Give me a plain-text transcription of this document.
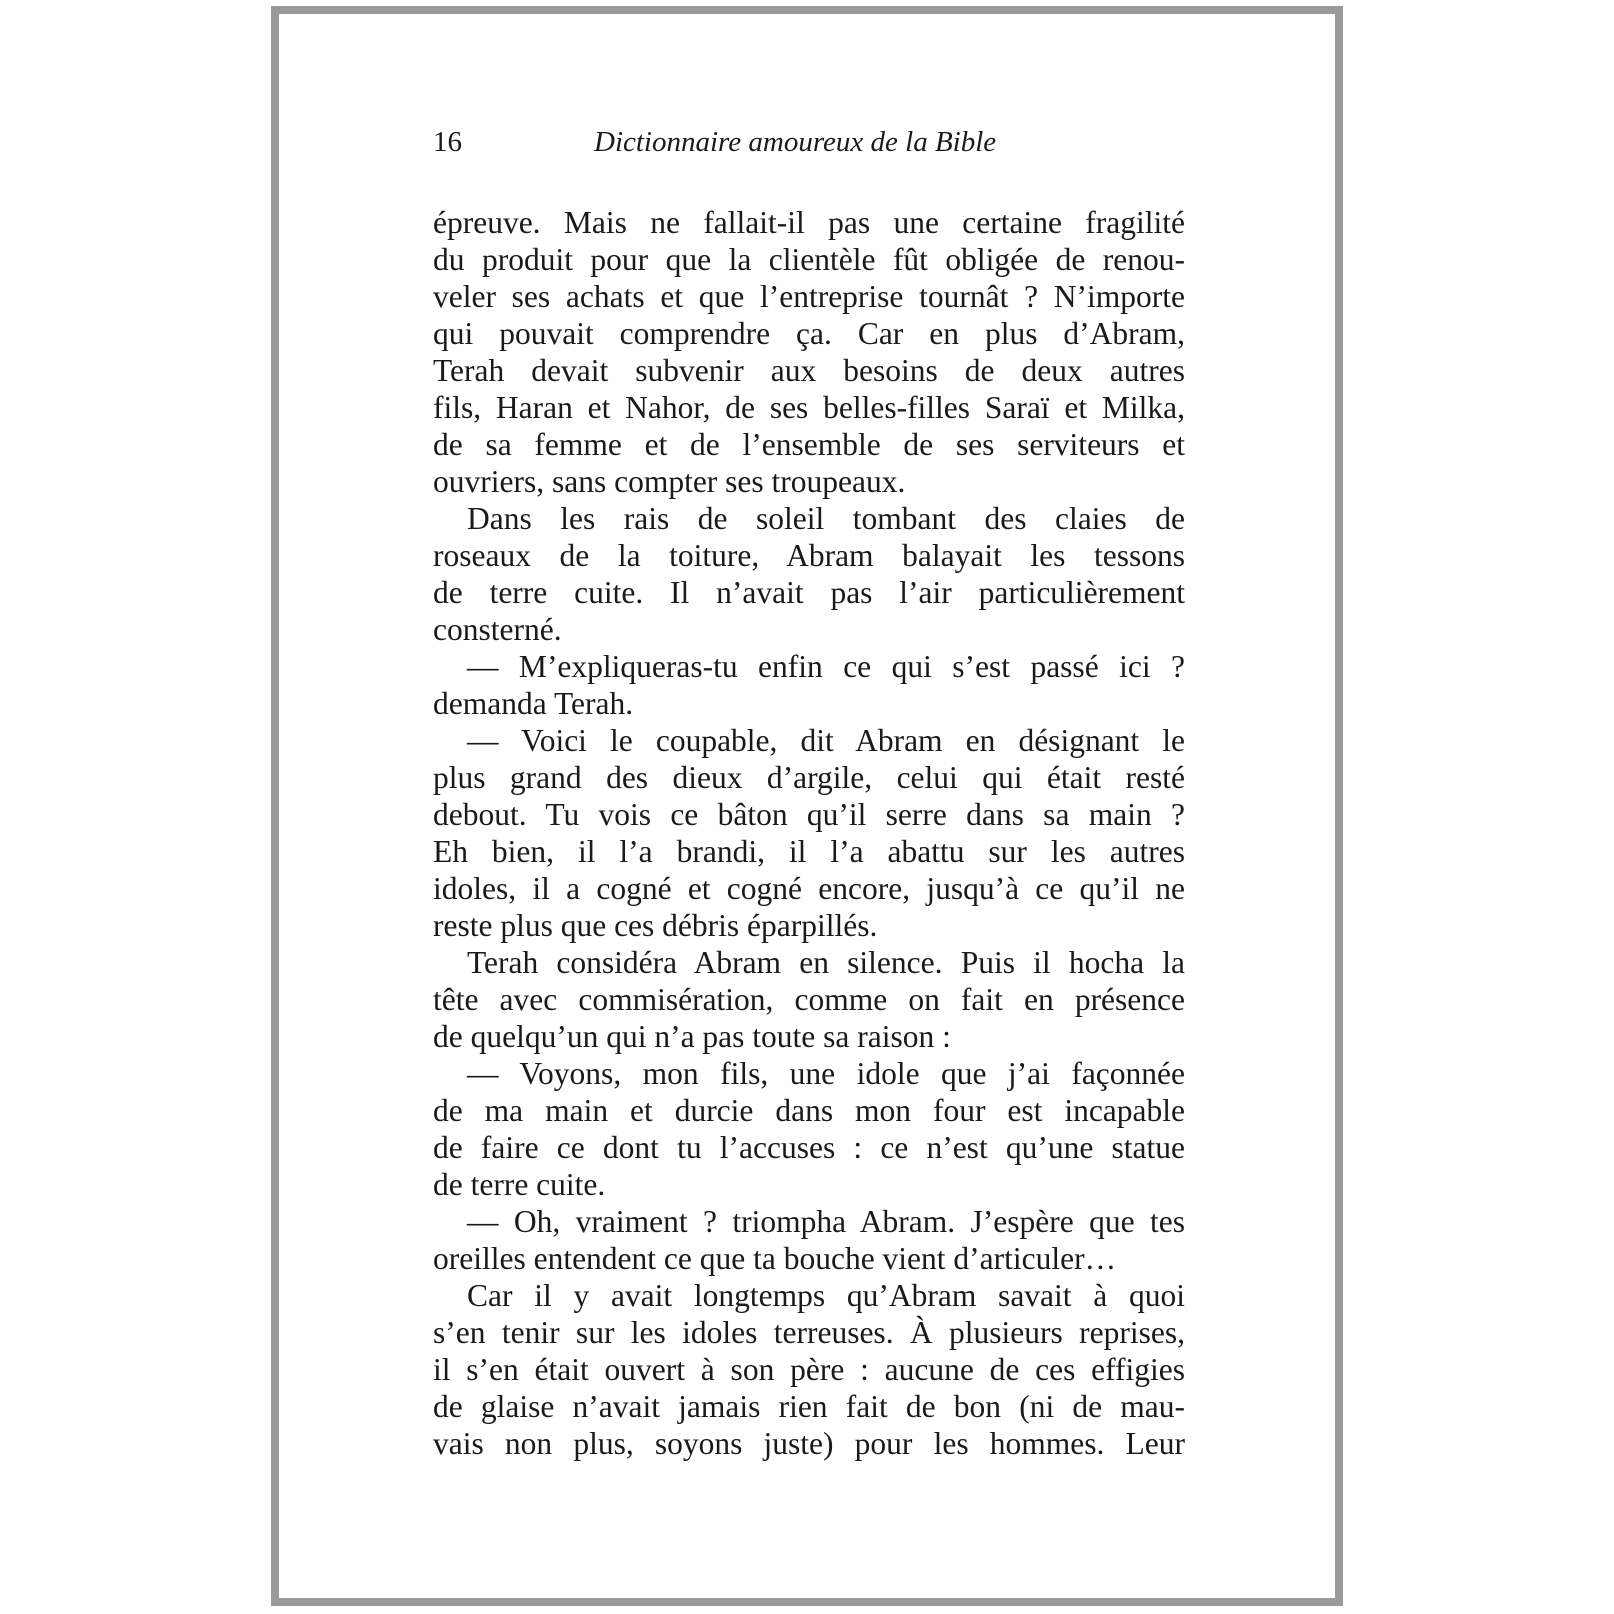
16	Dictionnaire amoureux de la Bible
épreuve. Mais ne fallait-il pas une certaine fragilité
du produit pour que la clientèle fût obligée de renou-
veler ses achats et que l’entreprise tournât ? N’importe
qui pouvait comprendre ça. Car en plus d’Abram,
Terah devait subvenir aux besoins de deux autres
fils, Haran et Nahor, de ses belles-filles Saraï et Milka,
de sa femme et de l’ensemble de ses serviteurs et
ouvriers, sans compter ses troupeaux.
Dans les rais de soleil tombant des claies de
roseaux de la toiture, Abram balayait les tessons
de terre cuite. Il n’avait pas l’air particulièrement
consterné.
— M’expliqueras-tu enfin ce qui s’est passé ici ?
demanda Terah.
— Voici le coupable, dit Abram en désignant le
plus grand des dieux d’argile, celui qui était resté
debout. Tu vois ce bâton qu’il serre dans sa main ?
Eh bien, il l’a brandi, il l’a abattu sur les autres
idoles, il a cogné et cogné encore, jusqu’à ce qu’il ne
reste plus que ces débris éparpillés.
Terah considéra Abram en silence. Puis il hocha la
tête avec commisération, comme on fait en présence
de quelqu’un qui n’a pas toute sa raison :
— Voyons, mon fils, une idole que j’ai façonnée
de ma main et durcie dans mon four est incapable
de faire ce dont tu l’accuses : ce n’est qu’une statue
de terre cuite.
— Oh, vraiment ? triompha Abram. J’espère que tes
oreilles entendent ce que ta bouche vient d’articuler…
Car il y avait longtemps qu’Abram savait à quoi
s’en tenir sur les idoles terreuses. À plusieurs reprises,
il s’en était ouvert à son père : aucune de ces effigies
de glaise n’avait jamais rien fait de bon (ni de mau-
vais non plus, soyons juste) pour les hommes. Leur
